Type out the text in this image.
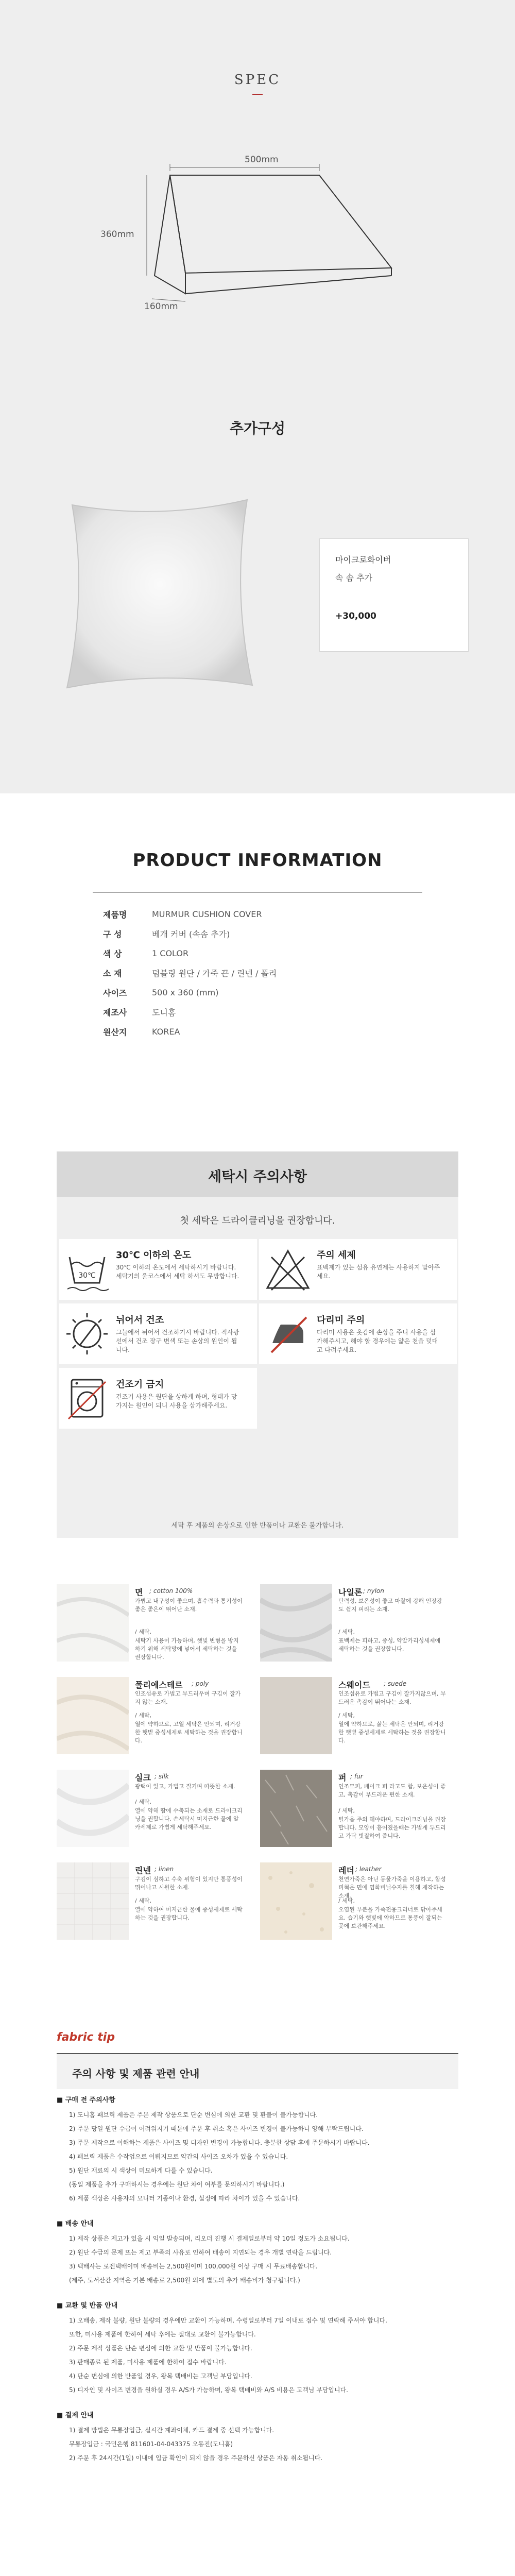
SPEC
500mm
360mm
160mm
추가구성
마이크로화이버
속 솜 추가
+30,000
PRODUCT INFORMATION
제품명	MURMUR CUSHION COVER
구 성	베개 커버 (속솜 추가)
색 상	1 COLOR
소 재	덤블링 원단 / 가죽 끈 / 린넨 / 폴리
사이즈	500 x 360 (mm)
제조사	도니홈
원산지	KOREA
세탁시 주의사항
첫 세탁은 드라이클리닝을 권장합니다.
30℃
30℃ 이하의 온도
30℃ 이하의 온도에서 세탁하시기 바랍니다. 세탁기의 울코스에서 세탁 하셔도 무방합니다.
주의 세제
표백제가 있는 섬유 유연제는 사용하지 말아주세요.
뉘어서 건조
그늘에서 뉘어서 건조하기시 바랍니다. 직사광선에서 건조 장구 변색 또는 손상의 원인이 됩니다.
다리미 주의
다리미 사용은 옷감에 손상을 주니 사용을 삼가해주시고, 해야 할 경우에는 얇은 천을 덧대고 다려주세요.
건조기 금지
건조기 사용은 원단을 상하게 하며, 형태가 망가지는 원인이 되니 사용을 삼가해주세요.
세탁 후 제품의 손상으로 인한 반품이나 교환은 불가합니다.
면 ; cotton 100%
가볍고 내구성이 좋으며, 흡수력과 통기성이 좋은 좋은이 뛰어난 소재.
/ 세탁,
세탁기 사용이 가능하며, 햇빛 변형을 방지하기 위해 세탁망에 넣어서 세탁하는 것을 권장합니다.
나일론 ; nylon
탄력성, 보온성이 좋고 마찰에 강해 인장강도 쉽지 피리는 소재.
/ 세탁,
표백제는 피하고, 중성, 약알카리성세제에 세탁하는 것을 권장합니다.
폴리에스테르 ; poly
인조섬유로 가볍고 부드러우며 구김이 잘가지 않는 소재.
/ 세탁,
열에 약하므로, 고열 세탁은 안되며, 리거강한 햇볕 중성세제로 세탁하는 것을 권장합니다.
스웨이드 ; suede
인조섬유로 가볍고 구김이 잘가지않으며, 부드러운 촉감이 뛰어나는 소재.
/ 세탁,
열에 약하므로, 삶는 세탁은 안되며, 리거강한 햇볕 중성세제로 세탁하는 것을 권장합니다.
실크 ; silk
광택이 있고, 가볍고 질기며 따뜻한 소재.
/ 세탁,
열에 약해 땀에 수축되는 소재로 드라이크리닝을 권합니다. 손세탁시 미지근한 물에 알카세제로 가볍게 세탁해주세요.
퍼 ; fur
인조모피, 패이크 퍼 라고도 함, 보온성이 좋고, 촉감이 부드러운 편한 소재.
/ 세탁,
털가움 주의 해야하며, 드라이크리닝을 권장합니다. 모양이 흩어졌을때는 가볍게 두드리고 가닥 빗질하여 줍니다.
린넨 ; linen
구김이 심하고 수축 위험이 있지만 통풍성이 뛰어나고 시원한 소재.
/ 세탁,
열에 약하여 미지근한 물에 중성세제로 세탁하는 것을 권장합니다.
레더 ; leather
천연가죽은 아닌 동물가죽을 이용하고, 합성피혁은 면에 염화비닐수지를 칠해 제작하는 소재.
/ 세탁,
오염된 부분을 가죽전용크리너로 닦아주세요. 습기와 햇빛에 약하므로 통풍이 잘되는 곳에 보관해주세요.
fabric tip
주의 사항 및 제품 관련 안내
■ 구매 전 주의사항
1) 도니홈 패브릭 제품은 주문 제작 상품으로 단순 변심에 의한 교환 및 환불이 불가능합니다.
2) 주문 당일 원단 수급이 어려워지기 때문에 주문 후 취소 혹은 사이즈 변경이 불가능하니 양해 부탁드립니다.
3) 주문 제작으로 이해하는 제품은 사이즈 및 디자인 변경이 가능합니다. 충분한 상담 후에 주문하시기 바랍니다.
4) 패브릭 제품은 수작업으로 이뤄지므로 약간의 사이즈 오차가 있을 수 있습니다.
5) 원단 재료의 시 색상이 미묘하게 다를 수 있습니다.
(동일 제품을 추가 구매하시는 경우에는 원단 차이 여부를 문의하시기 바랍니다.)
6) 제품 색상은 사용자의 모니터 기종이나 환경, 설정에 따라 차이가 있을 수 있습니다.
■ 배송 안내
1) 제작 상품은 제고가 있을 시 익일 발송되며, 리오더 진행 시 결제일로부터 약 10일 정도가 소요됩니다.
2) 원단 수급의 문제 또는 제고 부족의 사유로 인하여 배송이 지연되는 경우 개별 연락을 드립니다.
3) 택배사는 로젠택배이며 배송비는 2,500원이며 100,000원 이상 구매 시 무료배송합니다.
(제주, 도서산간 지역은 기본 배송료 2,500원 외에 별도의 추가 배송비가 청구됩니다.)
■ 교환 및 반품 안내
1) 오배송, 제작 불량, 원단 불량의 경우에만 교환이 가능하며, 수령일로부터 7일 이내로 접수 및 연락해 주셔야 합니다.
또한, 미사용 제품에 한하여 세탁 후에는 절대로 교환이 불가능합니다.
2) 주문 제작 상품은 단순 변심에 의한 교환 및 반품이 불가능합니다.
3) 판매종료 된 제품, 미사용 제품에 한하여 접수 바랍니다.
4) 단순 변심에 의한 반품일 경우, 왕복 택배비는 고객님 부담입니다.
5) 디자인 및 사이즈 변경을 원하실 경우 A/S가 가능하며, 왕복 택배비와 A/S 비용은 고객님 부담입니다.
■ 결제 안내
1) 결제 방법은 무통장입금, 실시간 계좌이체, 카드 결제 중 선택 가능합니다.
무통장입금 : 국민은행 811601-04-043375 오동진(도니홈)
2) 주문 후 24시간(1일) 이내에 입금 확인이 되지 않을 경우 주문하신 상품은 자동 취소됩니다.
